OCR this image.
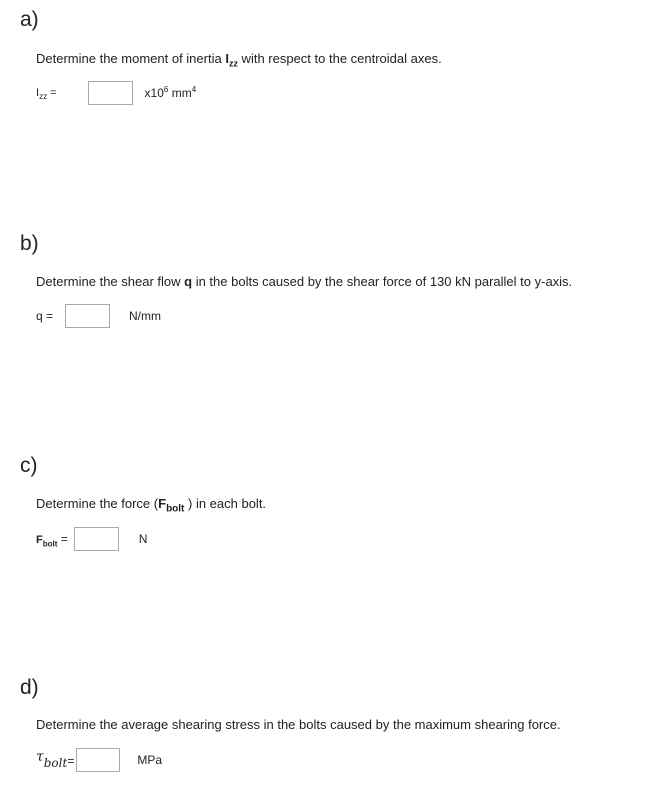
a)

Determine the moment of inertia $I_{zz}$ with respect to the centroidal axes.

$I_{zz}$ =	$x10^6$ $mm^4$
b)

Determine the shear flow q in the bolts caused by the shear force of 130 kN parallel to y-axis.

q =	N/mm
c)

Determine the force ($F_{bolt}$ ) in each bolt.

$F_{bolt}$ =	N
d)

Determine the average shearing stress in the bolts caused by the maximum shearing force.

τbolt=	MPa
